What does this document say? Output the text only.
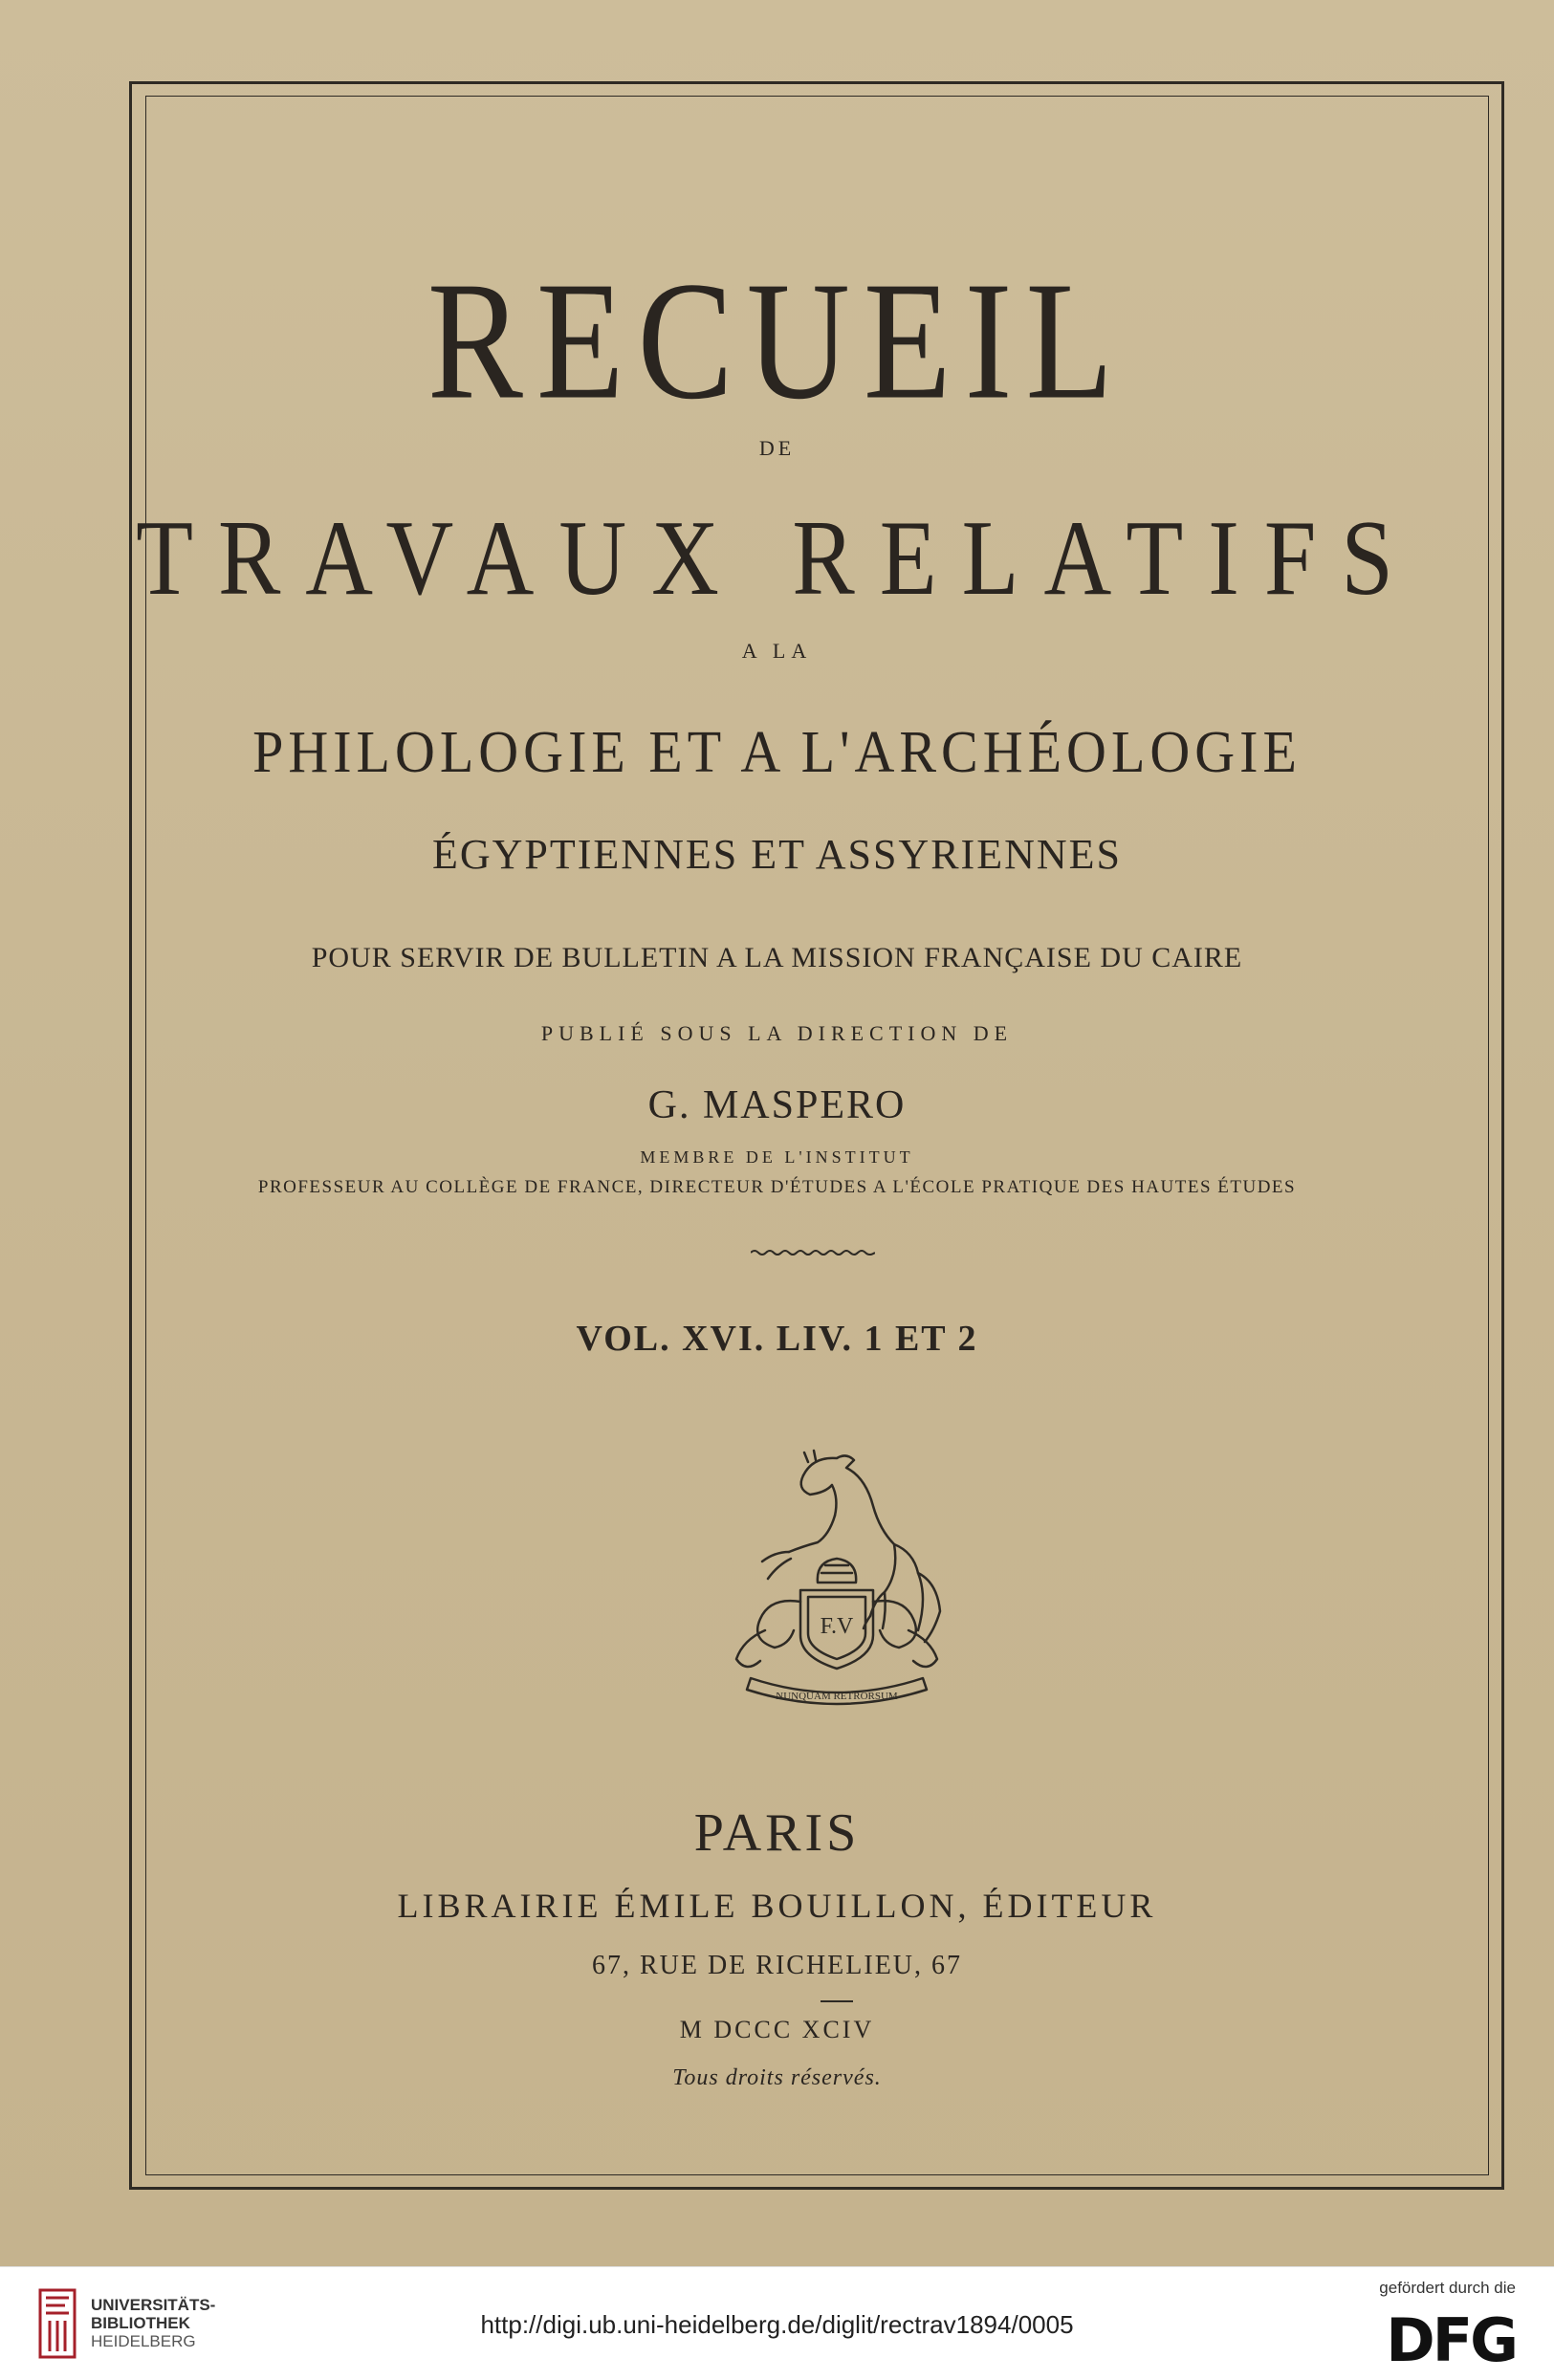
RECUEIL
DE
TRAVAUX RELATIFS
A LA
PHILOLOGIE ET A L'ARCHÉOLOGIE
ÉGYPTIENNES ET ASSYRIENNES
POUR SERVIR DE BULLETIN A LA MISSION FRANÇAISE DU CAIRE
PUBLIÉ SOUS LA DIRECTION DE
G. MASPERO
MEMBRE DE L'INSTITUT
PROFESSEUR AU COLLÈGE DE FRANCE, DIRECTEUR D'ÉTUDES A L'ÉCOLE PRATIQUE DES HAUTES ÉTUDES
VOL. XVI. LIV. 1 ET 2
F.V
NUNQUAM RETRORSUM
PARIS
LIBRAIRIE ÉMILE BOUILLON, ÉDITEUR
67, RUE DE RICHELIEU, 67
M DCCC XCIV
Tous droits réservés.
UNIVERSITÄTS-
BIBLIOTHEK
HEIDELBERG
http://digi.ub.uni-heidelberg.de/diglit/rectrav1894/0005
gefördert durch die
DFG
